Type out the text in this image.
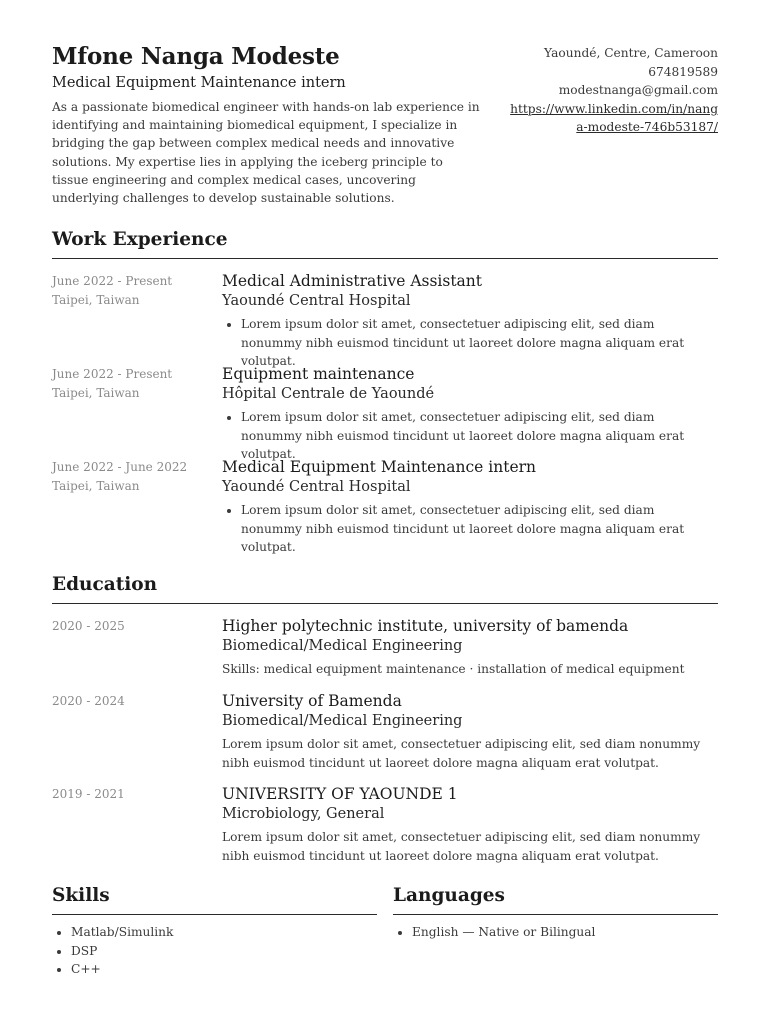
Mfone Nanga Modeste
Medical Equipment Maintenance intern
As a passionate biomedical engineer with hands-on lab experience in identifying and maintaining biomedical equipment, I specialize in bridging the gap between complex medical needs and innovative solutions. My expertise lies in applying the iceberg principle to tissue engineering and complex medical cases, uncovering underlying challenges to develop sustainable solutions.
Yaoundé, Centre, Cameroon
674819589
modestnanga@gmail.com
https://www.linkedin.com/in/nanga-modeste-746b53187/
Work Experience
June 2022 - Present
Taipei, Taiwan
Medical Administrative Assistant
Yaoundé Central Hospital
• Lorem ipsum dolor sit amet, consectetuer adipiscing elit, sed diam nonummy nibh euismod tincidunt ut laoreet dolore magna aliquam erat volutpat.
June 2022 - Present
Taipei, Taiwan
Equipment maintenance
Hôpital Centrale de Yaoundé
• Lorem ipsum dolor sit amet, consectetuer adipiscing elit, sed diam nonummy nibh euismod tincidunt ut laoreet dolore magna aliquam erat volutpat.
June 2022 - June 2022
Taipei, Taiwan
Medical Equipment Maintenance intern
Yaoundé Central Hospital
• Lorem ipsum dolor sit amet, consectetuer adipiscing elit, sed diam nonummy nibh euismod tincidunt ut laoreet dolore magna aliquam erat volutpat.
Education
2020 - 2025	Higher polytechnic institute, university of bamenda
Biomedical/Medical Engineering
Skills: medical equipment maintenance · installation of medical equipment
2020 - 2024	University of Bamenda
Biomedical/Medical Engineering
Lorem ipsum dolor sit amet, consectetuer adipiscing elit, sed diam nonummy nibh euismod tincidunt ut laoreet dolore magna aliquam erat volutpat.
2019 - 2021	UNIVERSITY OF YAOUNDE 1
Microbiology, General
Lorem ipsum dolor sit amet, consectetuer adipiscing elit, sed diam nonummy nibh euismod tincidunt ut laoreet dolore magna aliquam erat volutpat.
Skills
• Matlab/Simulink
• DSP
• C++
Languages
• English — Native or Bilingual
